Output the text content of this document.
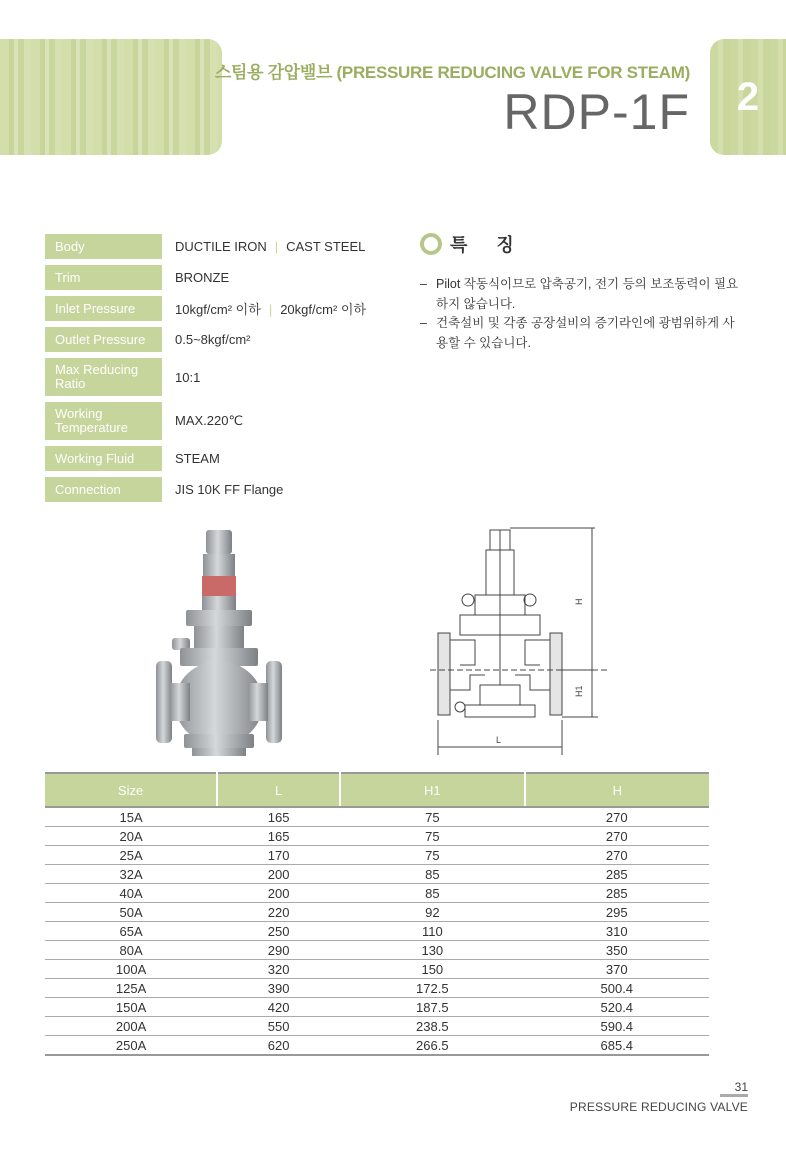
스팀용 감압밸브 (PRESSURE REDUCING VALVE FOR STEAM)
RDP-1F	2
Body	DUCTILE IRON | CAST STEEL
Trim	BRONZE
Inlet Pressure	10kgf/cm² 이하 | 20kgf/cm² 이하
Outlet Pressure	0.5~8kgf/cm²
Max Reducing Ratio	10:1
Working Temperature	MAX.220℃
Working Fluid	STEAM
Connection	JIS 10K FF Flange
특 징
– Pilot 작동식이므로 압축공기, 전기 등의 보조동력이 필요하지 않습니다.
– 건축설비 및 각종 공장설비의 증기라인에 광범위하게 사용할 수 있습니다.
H
H1
L
Size	L	H1	H
15A	165	75	270
20A	165	75	270
25A	170	75	270
32A	200	85	285
40A	200	85	285
50A	220	92	295
65A	250	110	310
80A	290	130	350
100A	320	150	370
125A	390	172.5	500.4
150A	420	187.5	520.4
200A	550	238.5	590.4
250A	620	266.5	685.4
31
PRESSURE REDUCING VALVE
